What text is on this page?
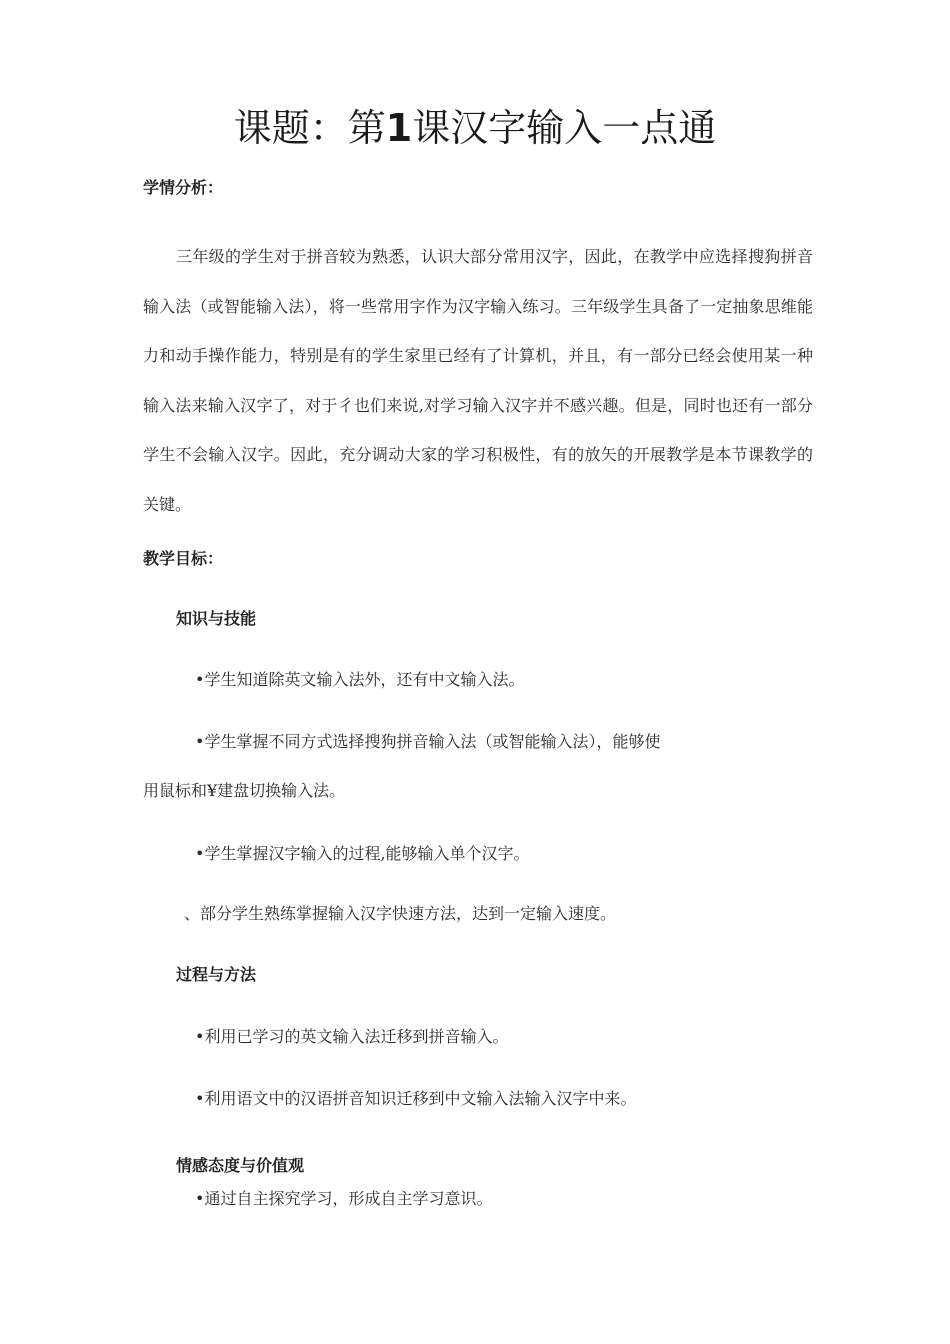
课题：第1课汉字输入一点通
学情分析：
三年级的学生对于拼音较为熟悉，认识大部分常用汉字，因此，在教学中应选择搜狗拼音输入法（或智能输入法），将一些常用字作为汉字输入练习。三年级学生具备了一定抽象思维能力和动手操作能力，特别是有的学生家里已经有了计算机，并且，有一部分已经会使用某一种输入法来输入汉字了，对于彳也们来说,对学习输入汉字并不感兴趣。但是，同时也还有一部分学生不会输入汉字。因此，充分调动大家的学习积极性，有的放矢的开展教学是本节课教学的关键。
教学目标：
知识与技能
•学生知道除英文输入法外，还有中文输入法。
•学生掌握不同方式选择搜狗拼音输入法（或智能输入法），能够使
用鼠标和¥建盘切换输入法。
•学生掌握汉字输入的过程,能够输入单个汉字。
、部分学生熟练掌握输入汉字快速方法，达到一定输入速度。
过程与方法
•利用已学习的英文输入法迁移到拼音输入。
•利用语文中的汉语拼音知识迁移到中文输入法输入汉字中来。
情感态度与价值观
•通过自主探究学习，形成自主学习意识。
